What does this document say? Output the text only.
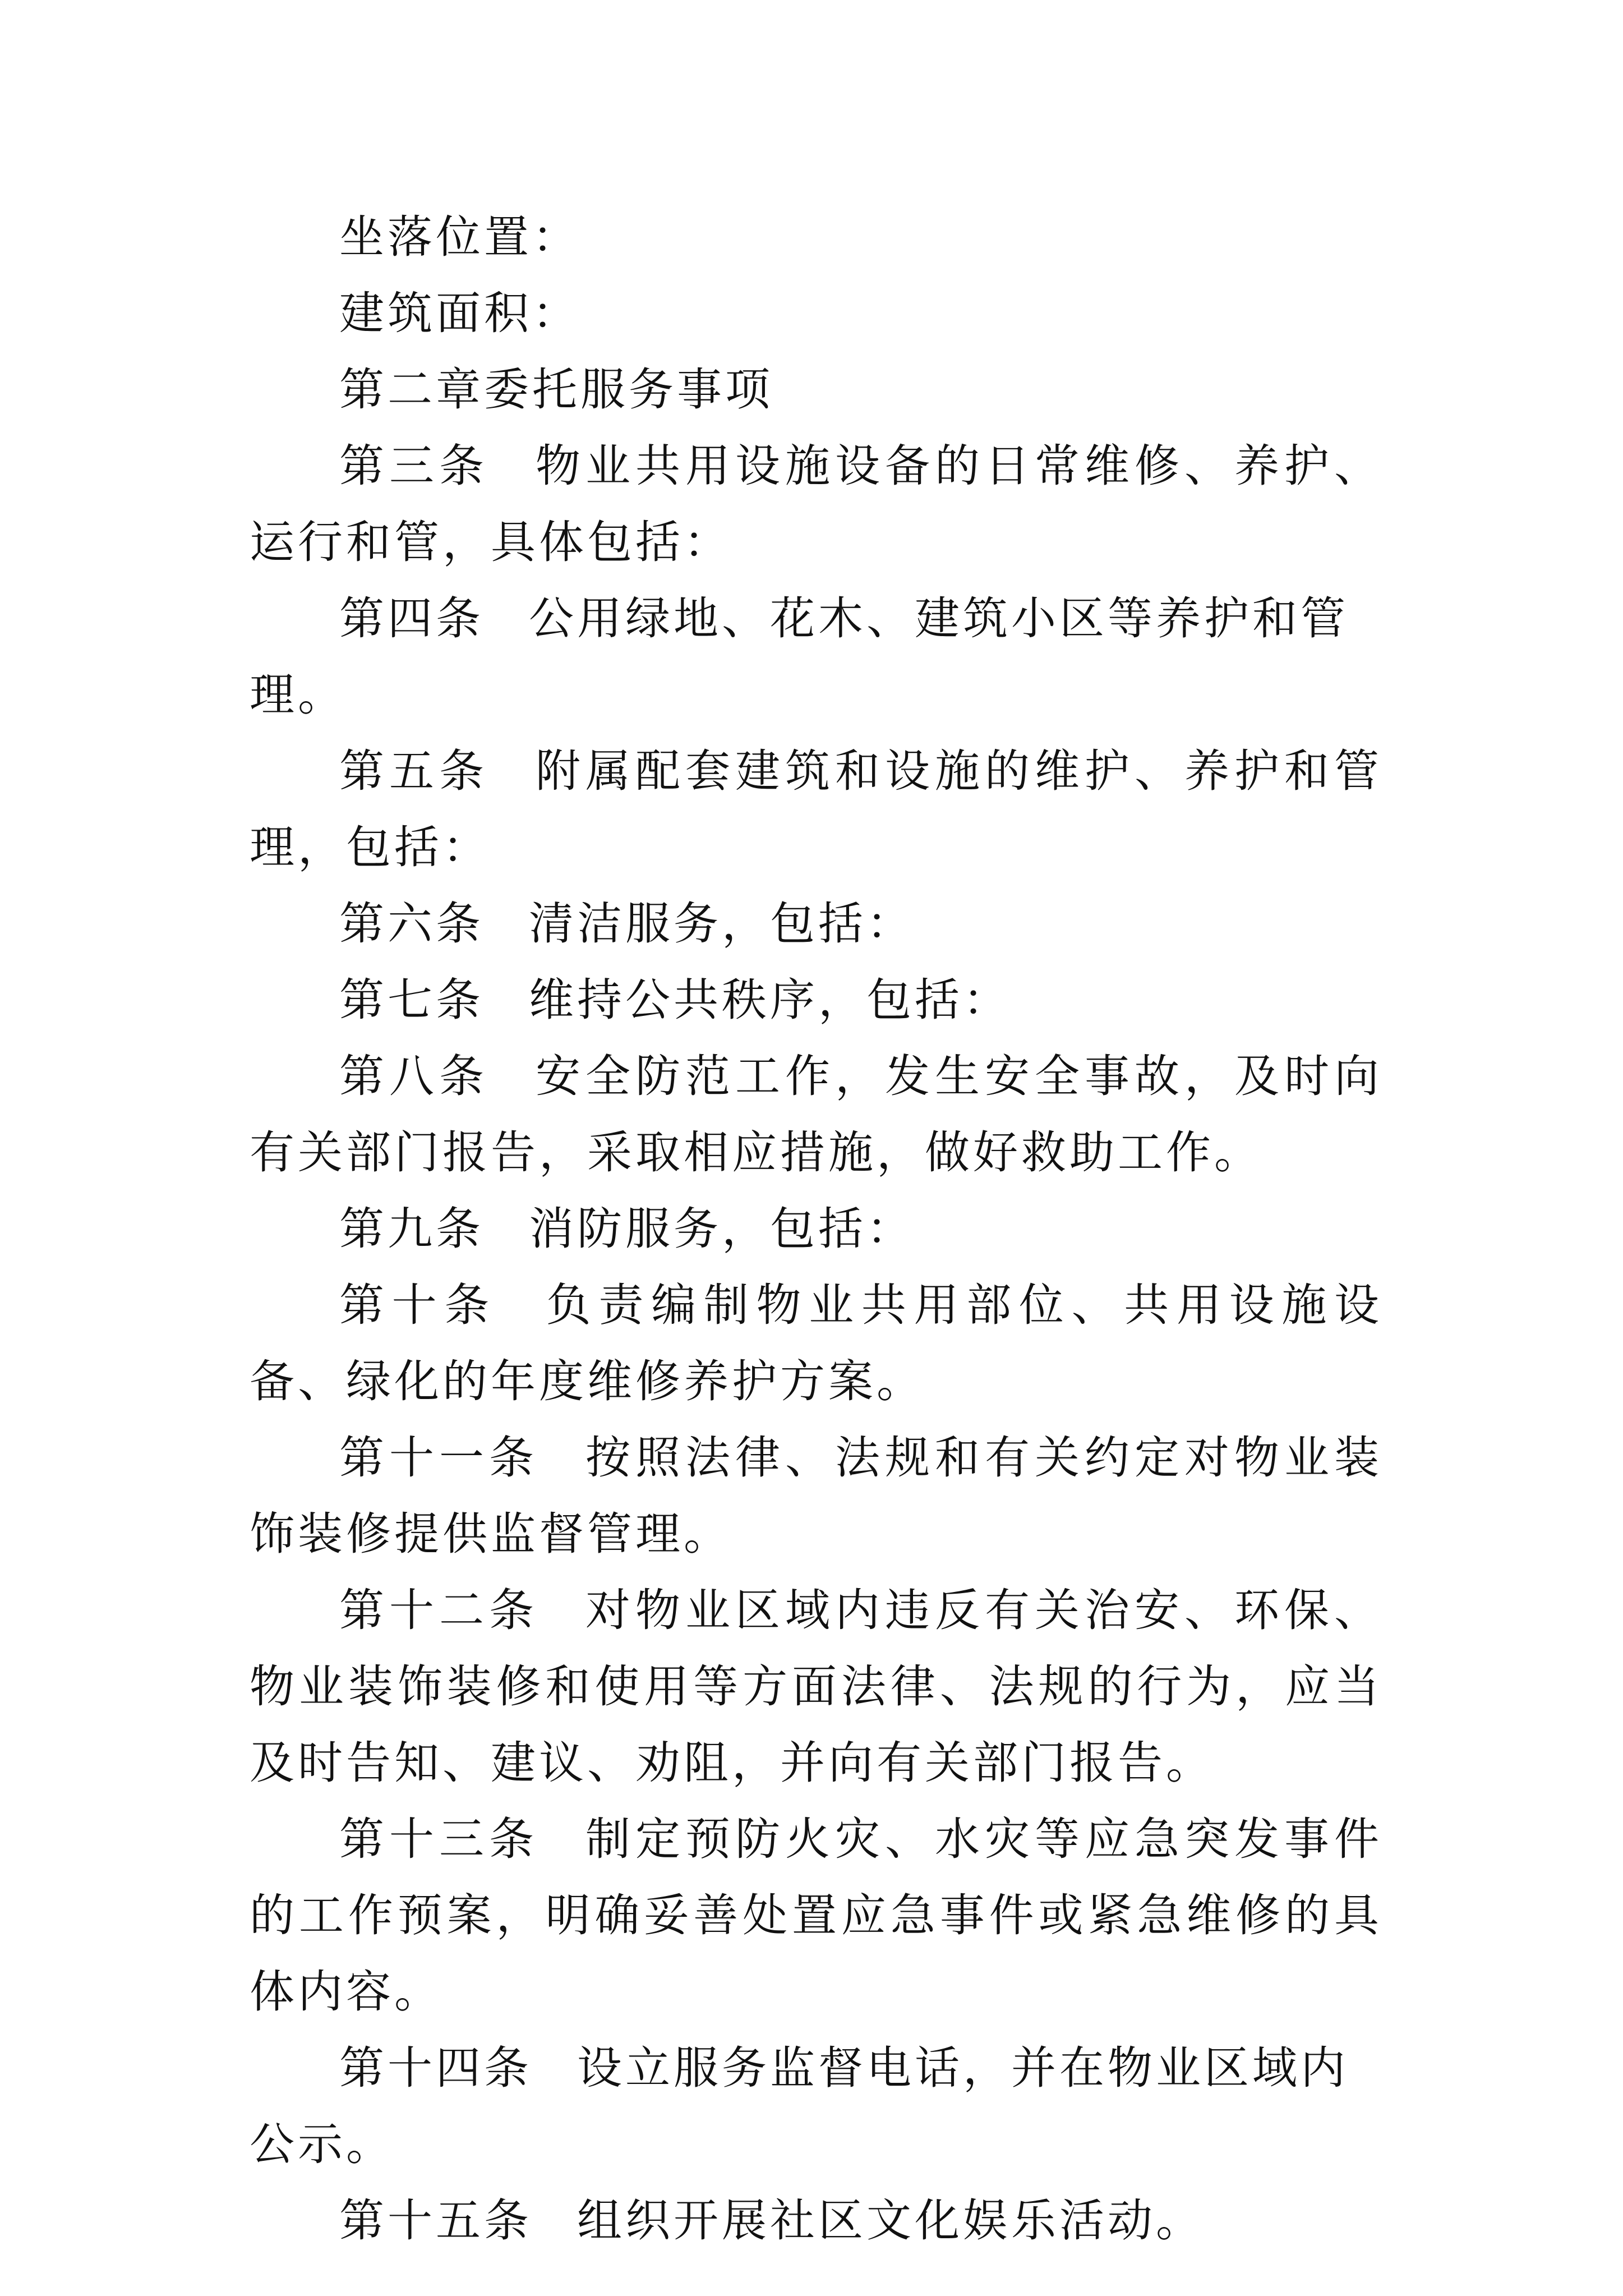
坐落位置：

建筑面积：

第二章委托服务事项

第三条 物业共用设施设备的日常维修、养护、运行和管，具体包括：

第四条 公用绿地、花木、建筑小区等养护和管理。

第五条 附属配套建筑和设施的维护、养护和管理，包括：

第六条 清洁服务，包括：

第七条 维持公共秩序，包括：

第八条 安全防范工作，发生安全事故，及时向有关部门报告，采取相应措施，做好救助工作。

第九条 消防服务，包括：

第十条 负责编制物业共用部位、共用设施设备、绿化的年度维修养护方案。

第十一条 按照法律、法规和有关约定对物业装饰装修提供监督管理。

第十二条 对物业区域内违反有关治安、环保、物业装饰装修和使用等方面法律、法规的行为，应当及时告知、建议、劝阻，并向有关部门报告。

第十三条 制定预防火灾、水灾等应急突发事件的工作预案，明确妥善处置应急事件或紧急维修的具体内容。

第十四条 设立服务监督电话，并在物业区域内公示。

第十五条 组织开展社区文化娱乐活动。
